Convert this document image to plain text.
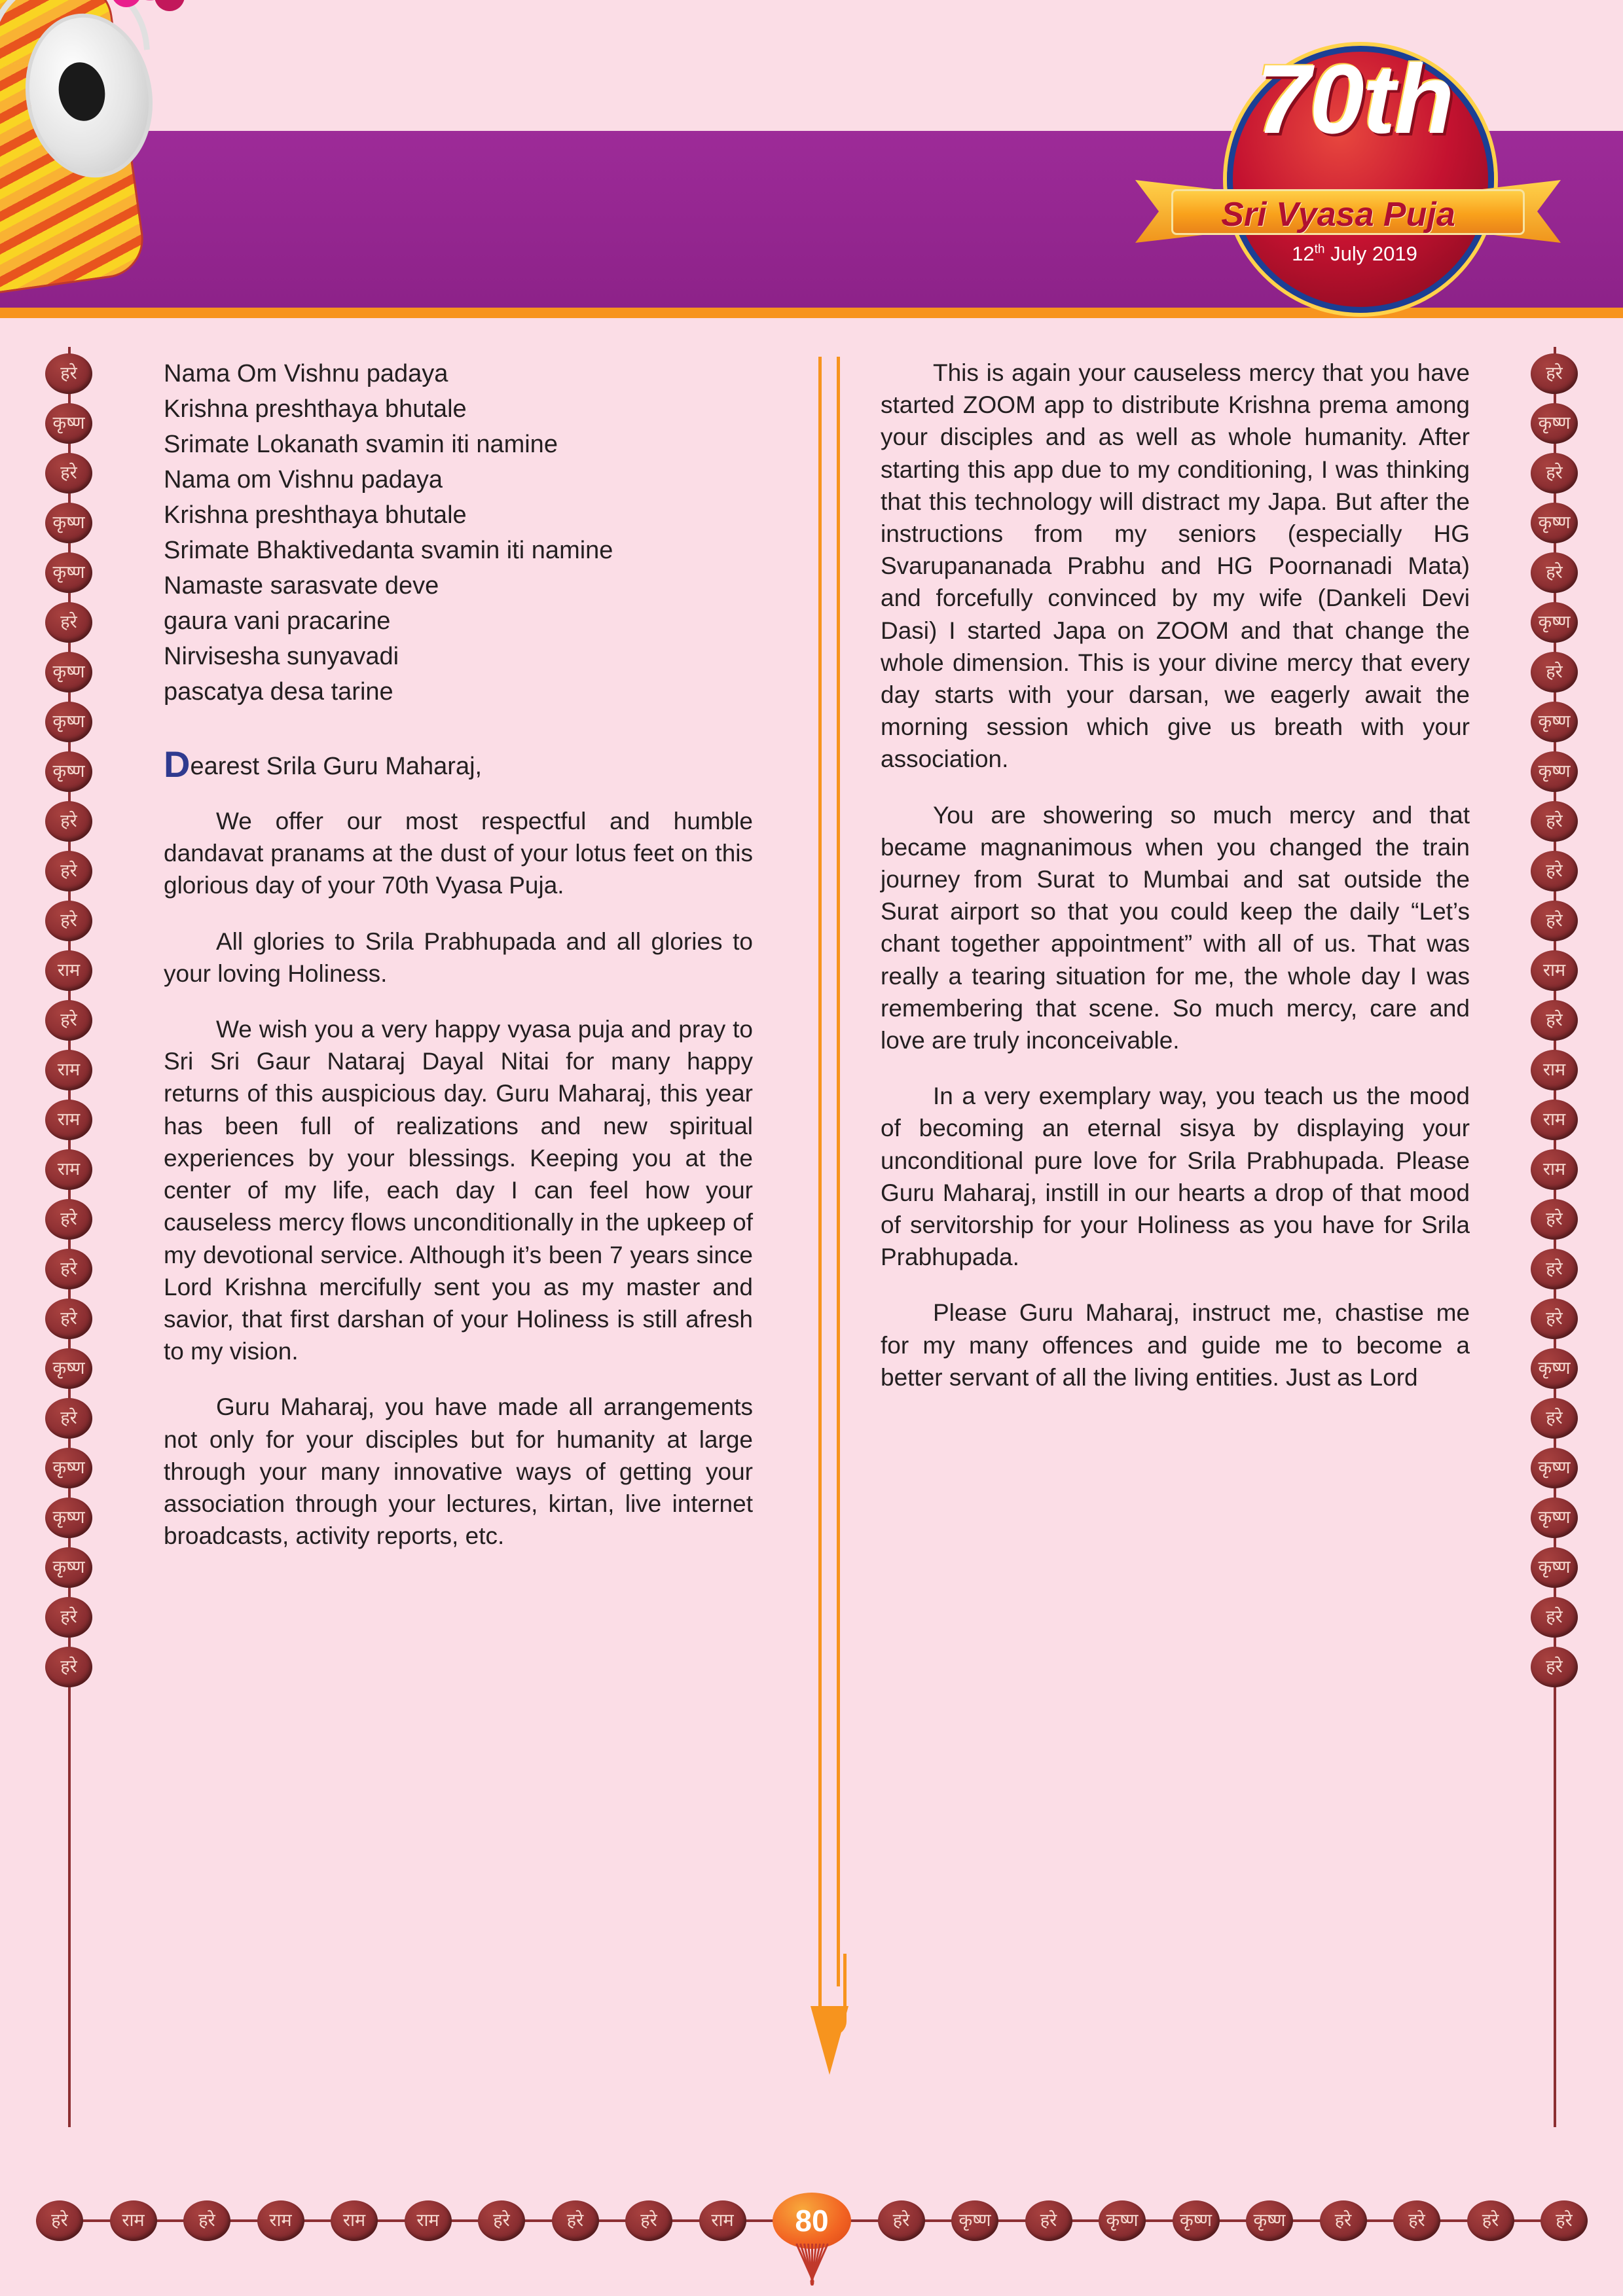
70th
Sri Vyasa Puja
12th July 2019
हरे
कृष्ण
हरे
कृष्ण
कृष्ण
हरे
कृष्ण
कृष्ण
कृष्ण
हरे
हरे
हरे
राम
हरे
राम
राम
राम
हरे
हरे
हरे
कृष्ण
हरे
कृष्ण
कृष्ण
कृष्ण
हरे
हरे
हरे
कृष्ण
हरे
कृष्ण
हरे
कृष्ण
हरे
कृष्ण
कृष्ण
हरे
हरे
हरे
राम
हरे
राम
राम
राम
हरे
हरे
हरे
कृष्ण
हरे
कृष्ण
कृष्ण
कृष्ण
हरे
हरे
Nama Om Vishnu padaya
Krishna preshthaya bhutale
Srimate Lokanath svamin iti namine
Nama om Vishnu padaya
Krishna preshthaya bhutale
Srimate Bhaktivedanta svamin iti namine
Namaste sarasvate deve
gaura vani pracarine
Nirvisesha sunyavadi
pascatya desa tarine
Dearest Srila Guru Maharaj,

We offer our most respectful and humble dandavat pranams at the dust of your lotus feet on this glorious day of your 70th Vyasa Puja.

All glories to Srila Prabhupada and all glories to your loving Holiness.

We wish you a very happy vyasa puja and pray to Sri Sri Gaur Nataraj Dayal Nitai for many happy returns of this auspicious day. Guru Maharaj, this year has been full of realizations and new spiritual experiences by your blessings. Keeping you at the center of my life, each day I can feel how your causeless mercy flows unconditionally in the upkeep of my devotional service. Although it’s been 7 years since Lord Krishna mercifully sent you as my master and savior, that first darshan of your Holiness is still afresh to my vision.

Guru Maharaj, you have made all arrangements not only for your disciples but for humanity at large through your many innovative ways of getting your association through your lectures, kirtan, live internet broadcasts, activity reports, etc.

This is again your causeless mercy that you have started ZOOM app to distribute Krishna prema among your disciples and as well as whole humanity. After starting this app due to my conditioning, I was thinking that this technology will distract my Japa. But after the instructions from my seniors (especially HG Svarupananada Prabhu and HG Poornanadi Mata) and forcefully convinced by my wife (Dankeli Devi Dasi) I started Japa on ZOOM and that change the whole dimension. This is your divine mercy that every day starts with your darsan, we eagerly await the morning session which give us breath with your association.

You are showering so much mercy and that became magnanimous when you changed the train journey from Surat to Mumbai and sat outside the Surat airport so that you could keep the daily “Let’s chant together appointment” with all of us. That was really a tearing situation for me, the whole day I was remembering that scene. So much mercy, care and love are truly inconceivable.

In a very exemplary way, you teach us the mood of becoming an eternal sisya by displaying your unconditional pure love for Srila Prabhupada. Please Guru Maharaj, instill in our hearts a drop of that mood of servitorship for your Holiness as you have for Srila Prabhupada.

Please Guru Maharaj, instruct me, chastise me for my many offences and guide me to become a better servant of all the living entities. Just as Lord

हरे	राम	हरे	राम	राम	राम	हरे	हरे	हरे	राम	80	हरे	कृष्ण	हरे	कृष्ण	कृष्ण	कृष्ण	हरे	हरे	हरे	हरे
